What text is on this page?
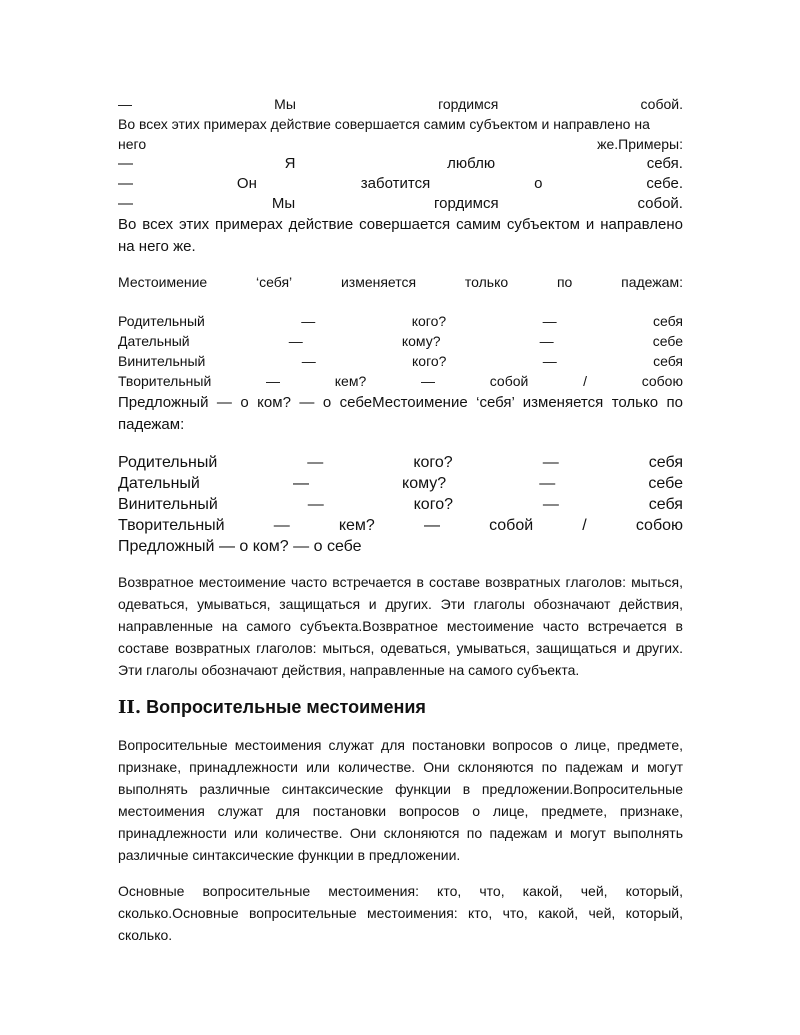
—	Мы	гордимся	собой.
Во всех этих примерах действие совершается самим субъектом и направлено на
него	же.Примеры:
—	Я	люблю	себя.
—	Он	заботится	о	себе.
—	Мы	гордимся	собой.

Во всех этих примерах действие совершается самим субъектом и направлено на него же.

Местоимение	‘себя’	изменяется	только	по	падежам:
Родительный	—	кого?	—	себя
Дательный	—	кому?	—	себе
Винительный	—	кого?	—	себя
Творительный	—	кем?	—	собой	/	собою

Предложный — о ком? — о себеМестоимение ‘себя’ изменяется только по падежам:

Родительный	—	кого?	—	себя
Дательный	—	кому?	—	себе
Винительный	—	кого?	—	себя
Творительный	—	кем?	—	собой	/	собою
Предложный — о ком? — о себе

Возвратное местоимение часто встречается в составе возвратных глаголов: мыться, одеваться, умываться, защищаться и других. Эти глаголы обозначают действия, направленные на самого субъекта.Возвратное местоимение часто встречается в составе возвратных глаголов: мыться, одеваться, умываться, защищаться и других. Эти глаголы обозначают действия, направленные на самого субъекта.

II. Вопросительные местоимения

Вопросительные местоимения служат для постановки вопросов о лице, предмете, признаке, принадлежности или количестве. Они склоняются по падежам и могут выполнять различные синтаксические функции в предложении.Вопросительные местоимения служат для постановки вопросов о лице, предмете, признаке, принадлежности или количестве. Они склоняются по падежам и могут выполнять различные синтаксические функции в предложении.

Основные вопросительные местоимения: кто, что, какой, чей, который, сколько.Основные вопросительные местоимения: кто, что, какой, чей, который, сколько.
